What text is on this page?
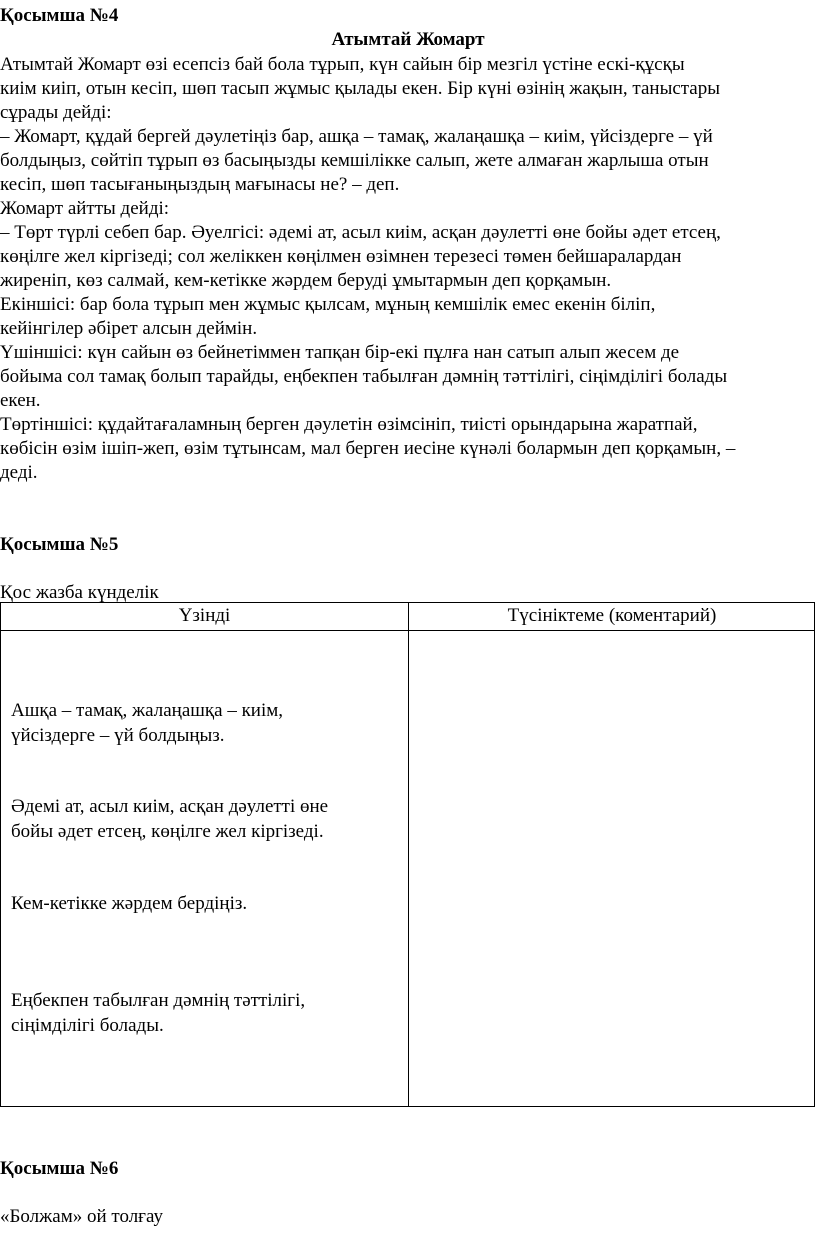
Қосымша №4
Атымтай Жомарт
Атымтай Жомарт өзі есепсіз бай бола тұрып, күн сайын бір мезгіл үстіне ескі-құсқы
киім киіп, отын кесіп, шөп тасып жұмыс қылады екен. Бір күні өзінің жақын, таныстары
сұрады дейді:
– Жомарт, құдай бергей дәулетіңіз бар, ашқа – тамақ, жалаңашқа – киім, үйсіздерге – үй
болдыңыз, сөйтіп тұрып өз басыңызды кемшілікке салып, жете алмаған жарлыша отын
кесіп, шөп тасығаныңыздың мағынасы не? – деп.
Жомарт айтты дейді:
– Төрт түрлі себеп бар. Әуелгісі: әдемі ат, асыл киім, асқан дәулетті өне бойы әдет етсең,
көңілге жел кіргізеді; сол желіккен көңілмен өзімнен терезесі төмен бейшаралардан
жиреніп, көз салмай, кем-кетікке жәрдем беруді ұмытармын деп қорқамын.
Екіншісі: бар бола тұрып мен жұмыс қылсам, мұның кемшілік емес екенін біліп,
кейінгілер әбірет алсын деймін.
Үшіншісі: күн сайын өз бейнетіммен тапқан бір-екі пұлға нан сатып алып жесем де
бойыма сол тамақ болып тарайды, еңбекпен табылған дәмнің тәттілігі, сіңімділігі болады
екен.
Төртіншісі: құдайтағаламның берген дәулетін өзімсініп, тиісті орындарына жаратпай,
көбісін өзім ішіп-жеп, өзім тұтынсам, мал берген иесіне күнәлі болармын деп қорқамын, –
деді.
Қосымша №5
Қос жазба күнделік
Үзінді	Түсініктеме (коментарий)
Ашқа – тамақ, жалаңашқа – киім,
үйсіздерге – үй болдыңыз.
Әдемі ат, асыл киім, асқан дәулетті өне
бойы әдет етсең, көңілге жел кіргізеді.
Кем-кетікке жәрдем бердіңіз.
Еңбекпен табылған дәмнің тәттілігі,
сіңімділігі болады.
Қосымша №6
«Болжам» ой толғау
